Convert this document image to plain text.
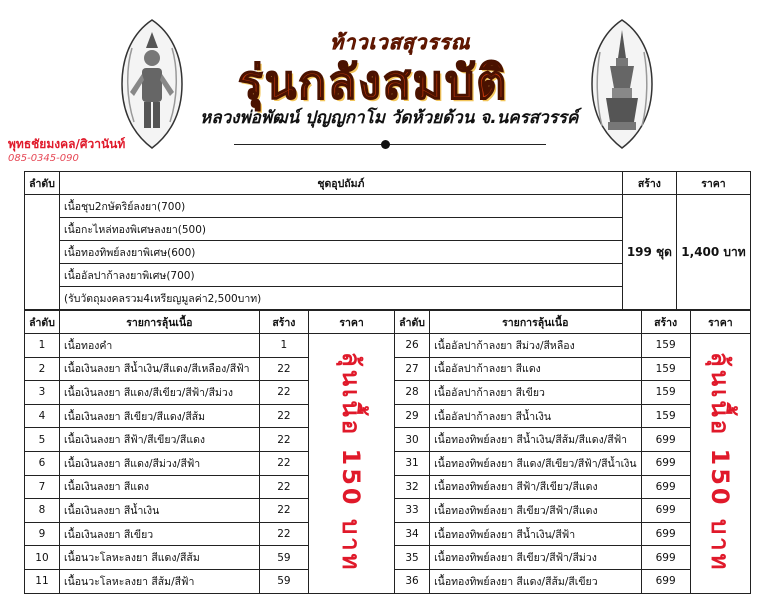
ท้าวเวสสุวรรณ
รุ่นกลังสมบัติ
หลวงพ่อพัฒน์ ปุญญกาโม วัดห้วยด้วน จ.นครสวรรค์
พุทธชัยมงคล/ศิวานันท์
085-0345-090
ลำดับ	ชุดอุปถัมภ์	สร้าง	ราคา
	เนื้อชุบ2กษัตริย์ลงยา(700)	199 ชุด	1,400 บาท
	เนื้อกะไหล่ทองพิเศษลงยา(500)		
	เนื้อทองทิพย์ลงยาพิเศษ(600)		
	เนื้ออัลปาก้าลงยาพิเศษ(700)		
	(รับวัตถุมงคลรวม4เหรียญมูลค่า2,500บาท)		
ลำดับ	รายการลุ้นเนื้อ	สร้าง	ราคา	ลำดับ	รายการลุ้นเนื้อ	สร้าง	ราคา
1	เนื้อทองคำ	1	ลุ้นเนื้อ 150 บาท	26	เนื้ออัลปาก้าลงยา สีม่วง/สีหลือง	159	ลุ้นเนื้อ 150 บาท
2	เนื้อเงินลงยา สีน้ำเงิน/สีแดง/สีเหลือง/สีฟ้า	22		27	เนื้ออัลปาก้าลงยา สีแดง	159	
3	เนื้อเงินลงยา สีแดง/สีเขียว/สีฟ้า/สีม่วง	22		28	เนื้ออัลปาก้าลงยา สีเขียว	159	
4	เนื้อเงินลงยา สีเขียว/สีแดง/สีส้ม	22		29	เนื้ออัลปาก้าลงยา สีน้ำเงิน	159	
5	เนื้อเงินลงยา สีฟ้า/สีเขียว/สีแดง	22		30	เนื้อทองทิพย์ลงยา สีน้ำเงิน/สีส้ม/สีแดง/สีฟ้า	699	
6	เนื้อเงินลงยา สีแดง/สีม่วง/สีฟ้า	22		31	เนื้อทองทิพย์ลงยา สีแดง/สีเขียว/สีฟ้า/สีน้ำเงิน	699	
7	เนื้อเงินลงยา สีแดง	22		32	เนื้อทองทิพย์ลงยา สีฟ้า/สีเขียว/สีแดง	699	
8	เนื้อเงินลงยา สีน้ำเงิน	22		33	เนื้อทองทิพย์ลงยา สีเขียว/สีฟ้า/สีแดง	699	
9	เนื้อเงินลงยา สีเขียว	22		34	เนื้อทองทิพย์ลงยา สีน้ำเงิน/สีฟ้า	699	
10	เนื้อนวะโลหะลงยา สีแดง/สีส้ม	59		35	เนื้อทองทิพย์ลงยา สีเขียว/สีฟ้า/สีม่วง	699	
11	เนื้อนวะโลหะลงยา สีส้ม/สีฟ้า	59		36	เนื้อทองทิพย์ลงยา สีแดง/สีส้ม/สีเขียว	699	
